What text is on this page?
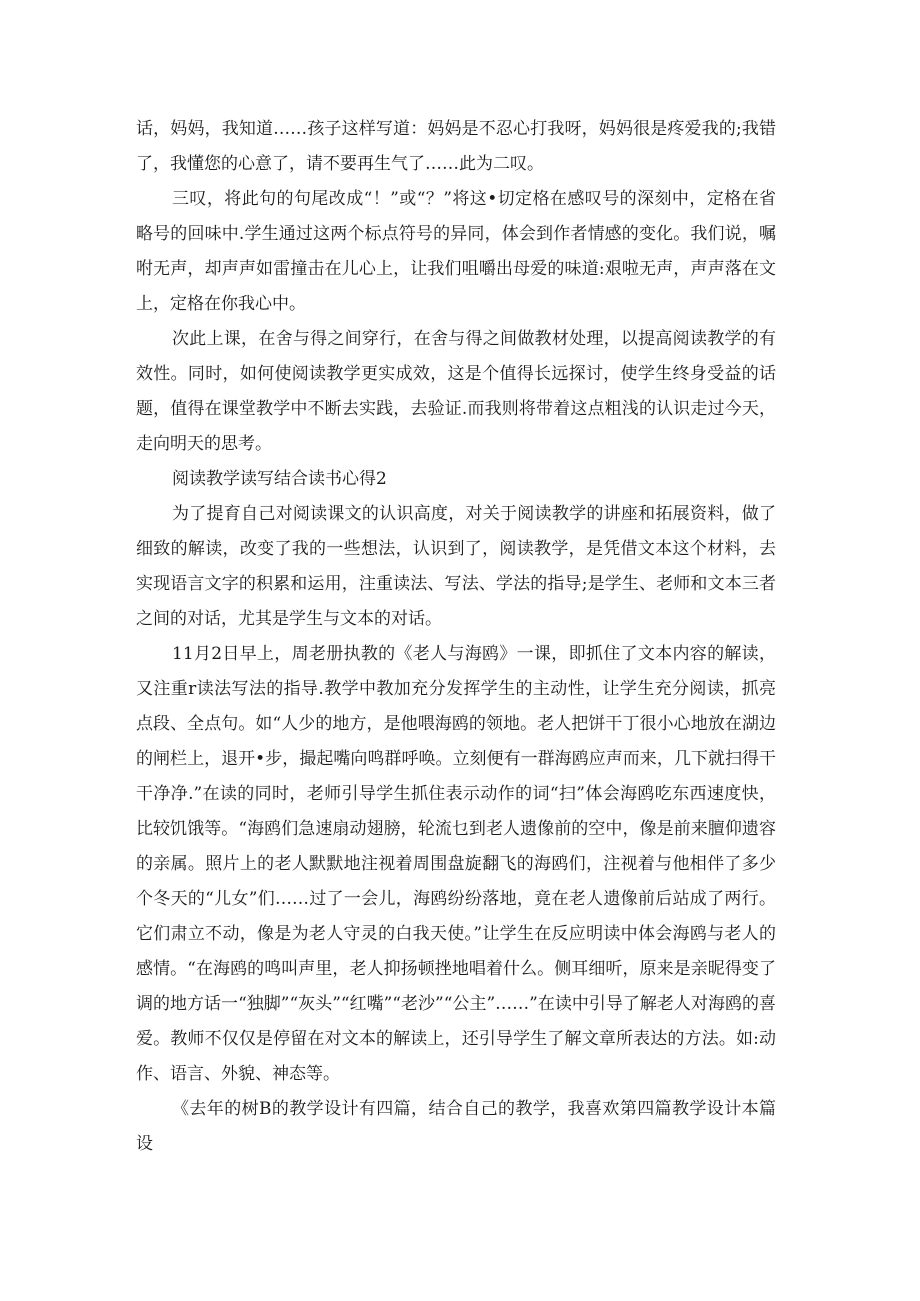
话，妈妈，我知道……孩子这样写道：妈妈是不忍心打我呀，妈妈很是疼爱我的;我错了，我懂您的心意了，请不要再生气了……此为二叹。

三叹，将此句的句尾改成“！”或“？”将这•切定格在感叹号的深刻中，定格在省略号的回味中.学生通过这两个标点符号的异同，体会到作者情感的变化。我们说，嘱咐无声，却声声如雷撞击在儿心上，让我们咀嚼出母爱的味道:艰啦无声，声声落在文上，定格在你我心中。

次此上课，在舍与得之间穿行，在舍与得之间做教材处理，以提高阅读教学的有效性。同时，如何使阅读教学更实成效，这是个值得长远探讨，使学生终身受益的话题，值得在课堂教学中不断去实践，去验证.而我则将带着这点粗浅的认识走过今天，走向明天的思考。

阅读教学读写结合读书心得2

为了提育自己对阅读课文的认识高度，对关于阅读教学的讲座和拓展资料，做了细致的解读，改变了我的一些想法，认识到了，阅读教学，是凭借文本这个材料，去实现语言文字的积累和运用，注重读法、写法、学法的指导;是学生、老师和文本三者之间的对话，尤其是学生与文本的对话。

11月2日早上，周老册执教的《老人与海鸥》一课，即抓住了文本内容的解读，又注重r读法写法的指导.教学中教加充分发挥学生的主动性，让学生充分阅读，抓亮点段、全点句。如“人少的地方，是他喂海鸥的领地。老人把饼干丁很小心地放在湖边的闸栏上，退开•步，撮起嘴向鸣群呼唤。立刻便有一群海鸥应声而来，几下就扫得干干净净.”在读的同时，老师引导学生抓住表示动作的词“扫”体会海鸥吃东西速度快，比较饥饿等。“海鸥们急速扇动翅膀，轮流乜到老人遗像前的空中，像是前来膻仰遗容的亲属。照片上的老人默默地注视着周围盘旋翻飞的海鸥们，注视着与他相伴了多少个冬天的“儿女”们……过了一会儿，海鸥纷纷落地，竟在老人遗像前后站成了两行。它们肃立不动，像是为老人守灵的白我天使。”让学生在反应明读中体会海鸥与老人的感情。“在海鸥的鸣叫声里，老人抑扬顿挫地唱着什么。侧耳细听，原来是亲昵得变了调的地方话一“独脚”“灰头”“红嘴”“老沙”“公主”……”在读中引导了解老人对海鸥的喜爱。教师不仅仅是停留在对文本的解读上，还引导学生了解文章所表达的方法。如:动作、语言、外貌、神态等。

《去年的树B的教学设计有四篇，结合自己的教学，我喜欢第四篇教学设计本篇设
